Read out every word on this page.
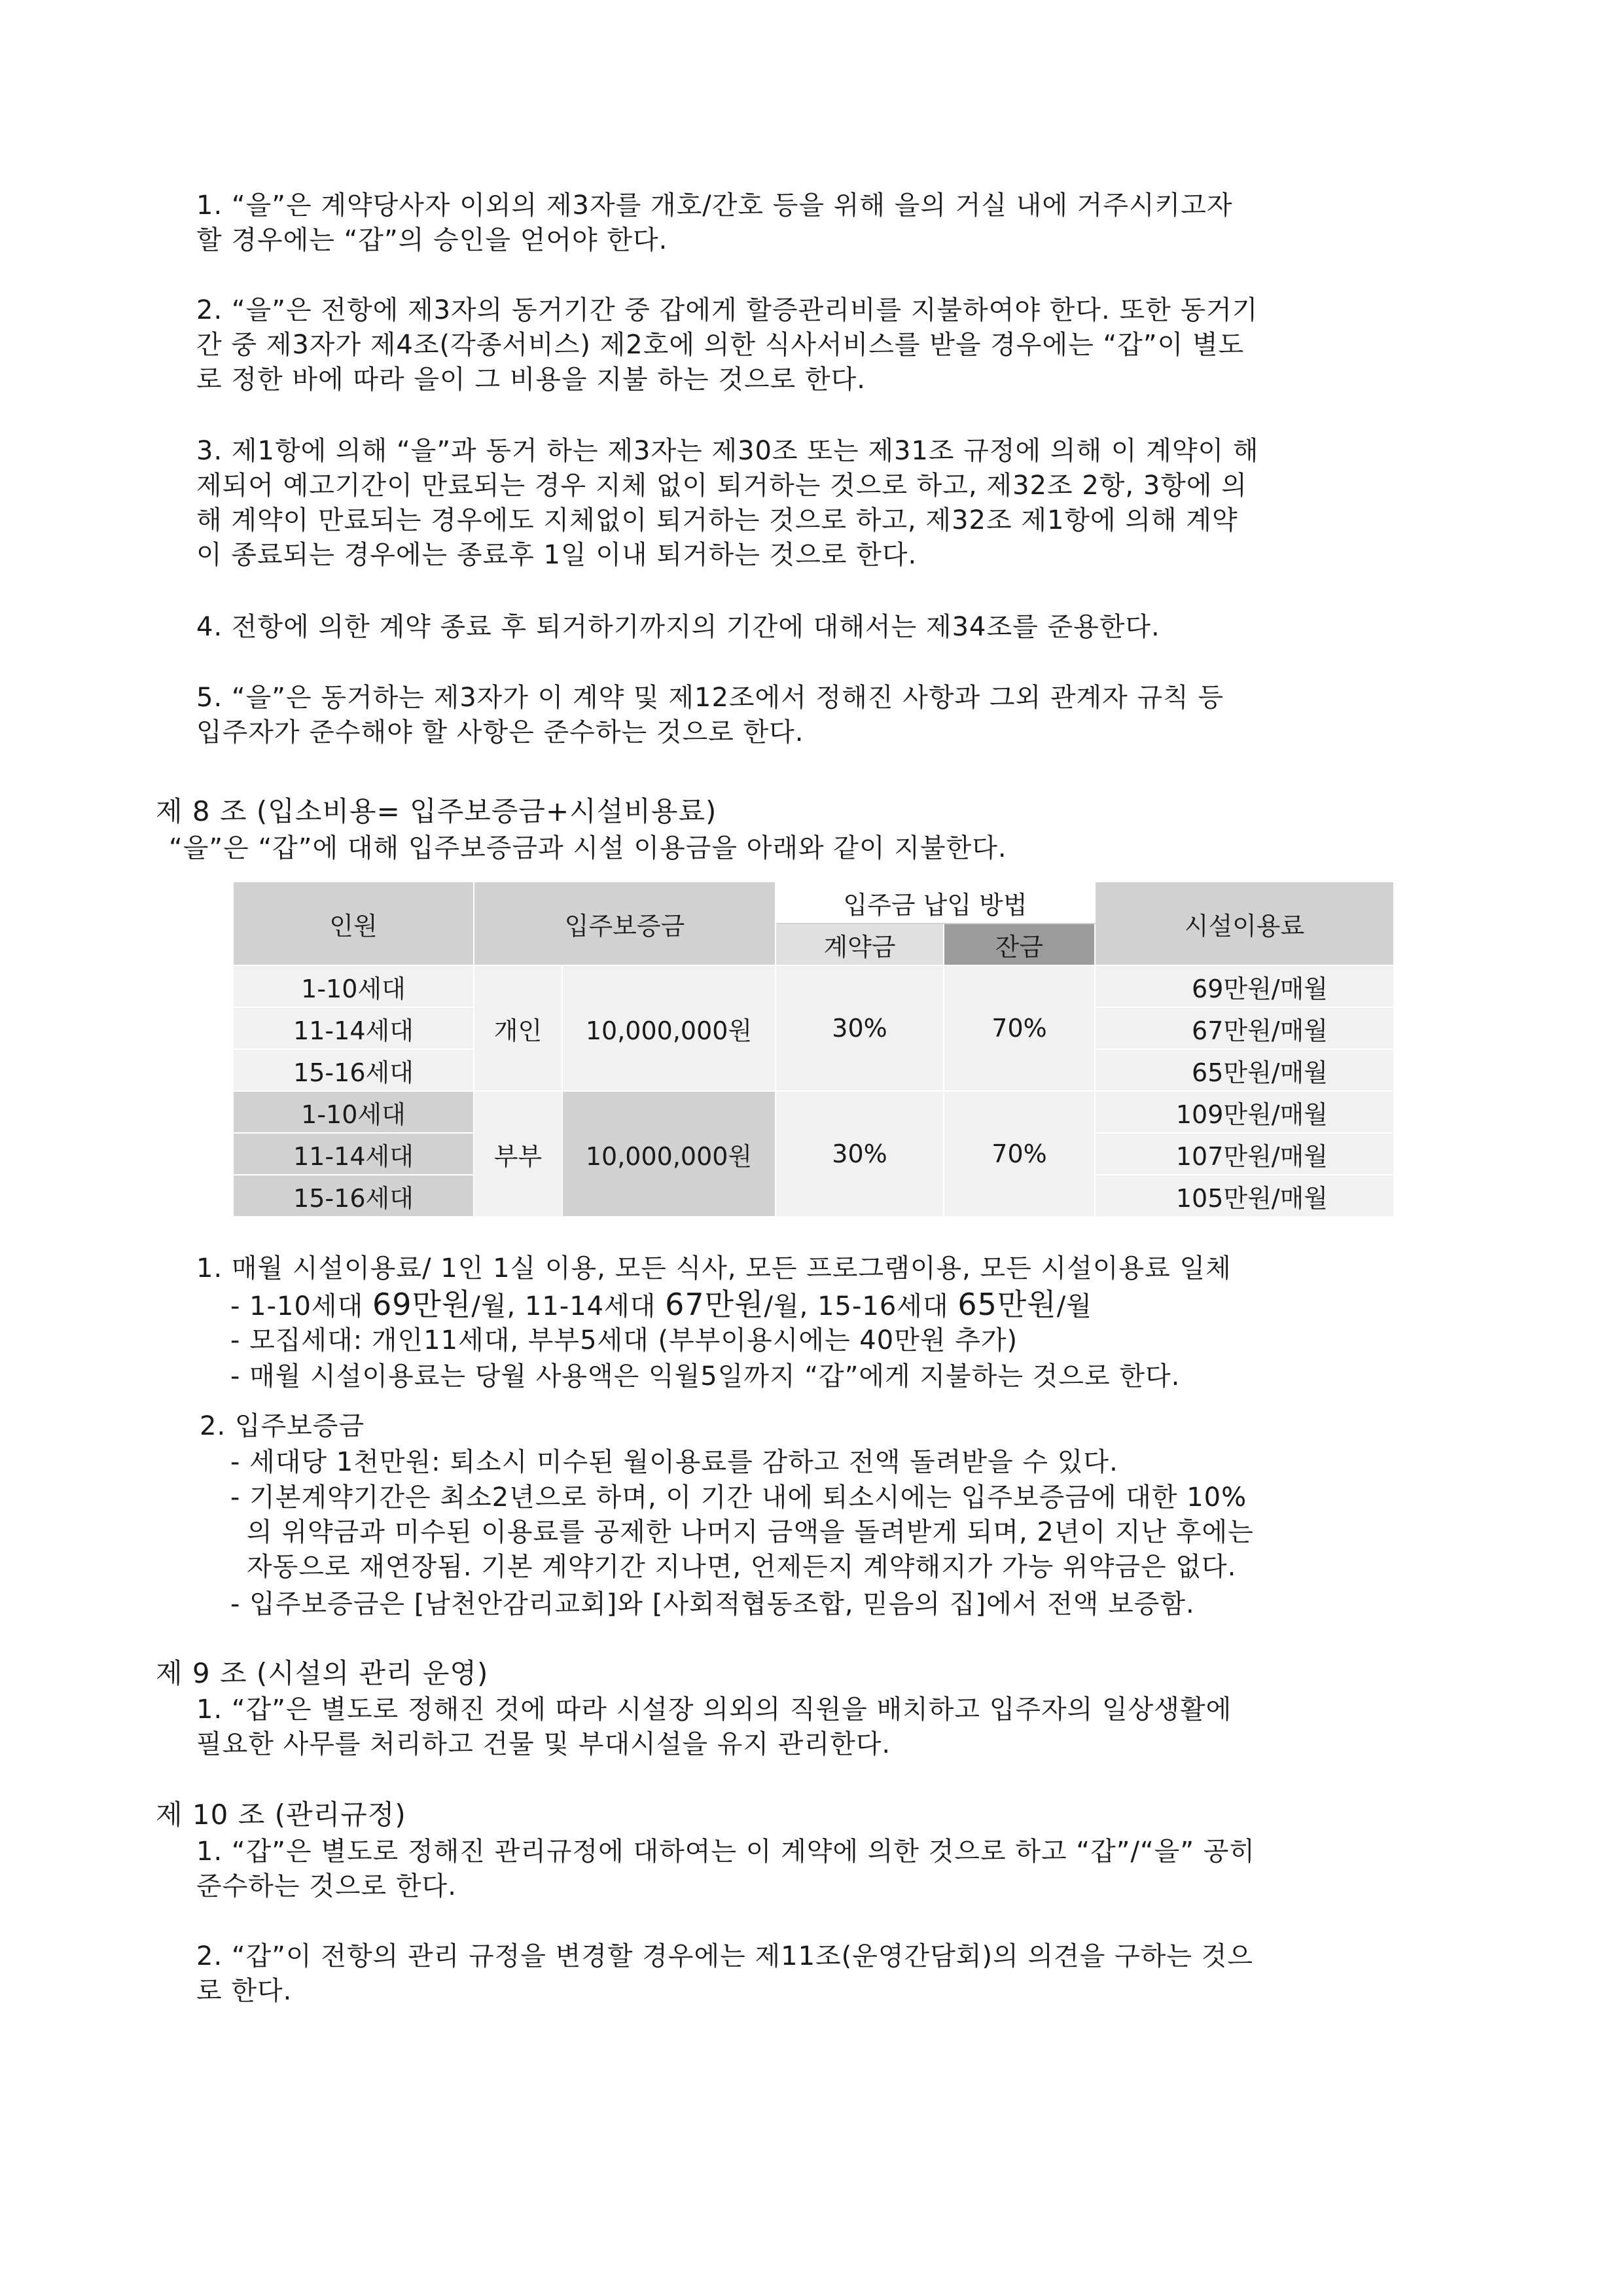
1. “을”은 계약당사자 이외의 제3자를 개호/간호 등을 위해 을의 거실 내에 거주시키고자
할 경우에는 “갑”의 승인을 얻어야 한다.
2. “을”은 전항에 제3자의 동거기간 중 갑에게 할증관리비를 지불하여야 한다. 또한 동거기
간 중 제3자가 제4조(각종서비스) 제2호에 의한 식사서비스를 받을 경우에는 “갑”이 별도
로 정한 바에 따라 을이 그 비용을 지불 하는 것으로 한다.
3. 제1항에 의해 “을”과 동거 하는 제3자는 제30조 또는 제31조 규정에 의해 이 계약이 해
제되어 예고기간이 만료되는 경우 지체 없이 퇴거하는 것으로 하고, 제32조 2항, 3항에 의
해 계약이 만료되는 경우에도 지체없이 퇴거하는 것으로 하고, 제32조 제1항에 의해 계약
이 종료되는 경우에는 종료후 1일 이내 퇴거하는 것으로 한다.
4. 전항에 의한 계약 종료 후 퇴거하기까지의 기간에 대해서는 제34조를 준용한다.
5. “을”은 동거하는 제3자가 이 계약 및 제12조에서 정해진 사항과 그외 관계자 규칙 등
입주자가 준수해야 할 사항은 준수하는 것으로 한다.
제 8 조 (입소비용= 입주보증금+시설비용료)
“을”은 “갑”에 대해 입주보증금과 시설 이용금을 아래와 같이 지불한다.
인원	입주보증금		입주금 납입 방법		시설이용료
			계약금	잔금	
1-10세대	개인	10,000,000원	30%	70%	69만원/매월
11-14세대					67만원/매월
15-16세대					65만원/매월
1-10세대	부부	10,000,000원	30%	70%	109만원/매월
11-14세대					107만원/매월
15-16세대					105만원/매월
1. 매월 시설이용료/ 1인 1실 이용, 모든 식사, 모든 프로그램이용, 모든 시설이용료 일체
- 1-10세대 69만원/월, 11-14세대 67만원/월, 15-16세대 65만원/월
- 모집세대: 개인11세대, 부부5세대 (부부이용시에는 40만원 추가)
- 매월 시설이용료는 당월 사용액은 익월5일까지 “갑”에게 지불하는 것으로 한다.
2. 입주보증금
- 세대당 1천만원: 퇴소시 미수된 월이용료를 감하고 전액 돌려받을 수 있다.
- 기본계약기간은 최소2년으로 하며, 이 기간 내에 퇴소시에는 입주보증금에 대한 10%
의 위약금과 미수된 이용료를 공제한 나머지 금액을 돌려받게 되며, 2년이 지난 후에는
자동으로 재연장됨. 기본 계약기간 지나면, 언제든지 계약해지가 가능 위약금은 없다.
- 입주보증금은 [남천안감리교회]와 [사회적협동조합, 믿음의 집]에서 전액 보증함.
제 9 조 (시설의 관리 운영)
1. “갑”은 별도로 정해진 것에 따라 시설장 의외의 직원을 배치하고 입주자의 일상생활에
필요한 사무를 처리하고 건물 및 부대시설을 유지 관리한다.
제 10 조 (관리규정)
1. “갑”은 별도로 정해진 관리규정에 대하여는 이 계약에 의한 것으로 하고 “갑”/“을” 공히
준수하는 것으로 한다.
2. “갑”이 전항의 관리 규정을 변경할 경우에는 제11조(운영간담회)의 의견을 구하는 것으
로 한다.
